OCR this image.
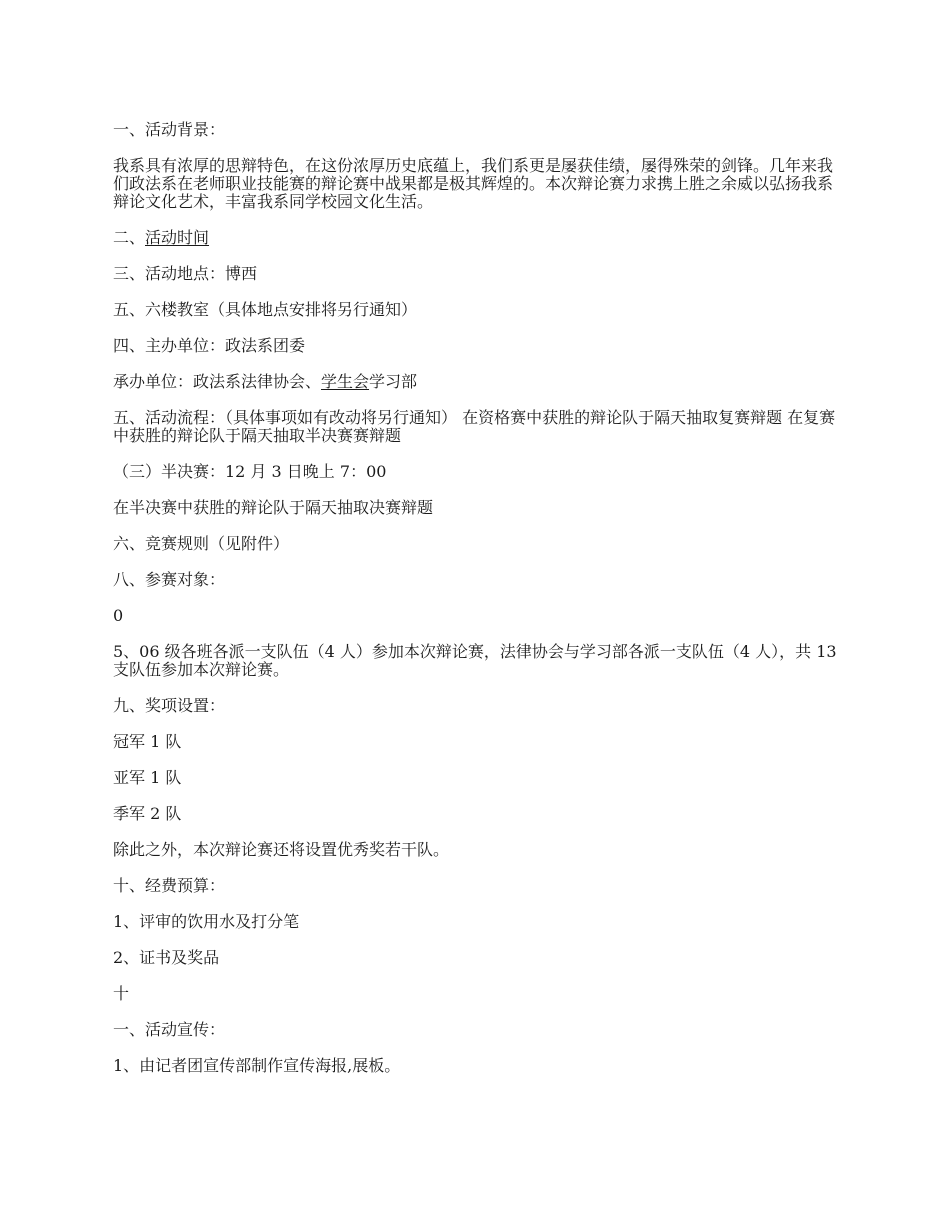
一、活动背景：

我系具有浓厚的思辩特色，在这份浓厚历史底蕴上，我们系更是屡获佳绩，屡得殊荣的剑锋。几年来我们政法系在老师职业技能赛的辩论赛中战果都是极其辉煌的。本次辩论赛力求携上胜之余威以弘扬我系辩论文化艺术，丰富我系同学校园文化生活。

二、活动时间

三、活动地点：博西

五、六楼教室（具体地点安排将另行通知）

四、主办单位：政法系团委

承办单位：政法系法律协会、学生会学习部

五、活动流程：（具体事项如有改动将另行通知） 在资格赛中获胜的辩论队于隔天抽取复赛辩题 在复赛中获胜的辩论队于隔天抽取半决赛赛辩题

（三）半决赛：12 月 3 日晚上 7：00

在半决赛中获胜的辩论队于隔天抽取决赛辩题

六、竞赛规则（见附件）

八、参赛对象：

0

5、06 级各班各派一支队伍（4 人）参加本次辩论赛，法律协会与学习部各派一支队伍（4 人），共 13 支队伍参加本次辩论赛。

九、奖项设置：

冠军 1 队

亚军 1 队

季军 2 队

除此之外，本次辩论赛还将设置优秀奖若干队。

十、经费预算：

1、评审的饮用水及打分笔

2、证书及奖品

十

一、活动宣传：

1、由记者团宣传部制作宣传海报,展板。
